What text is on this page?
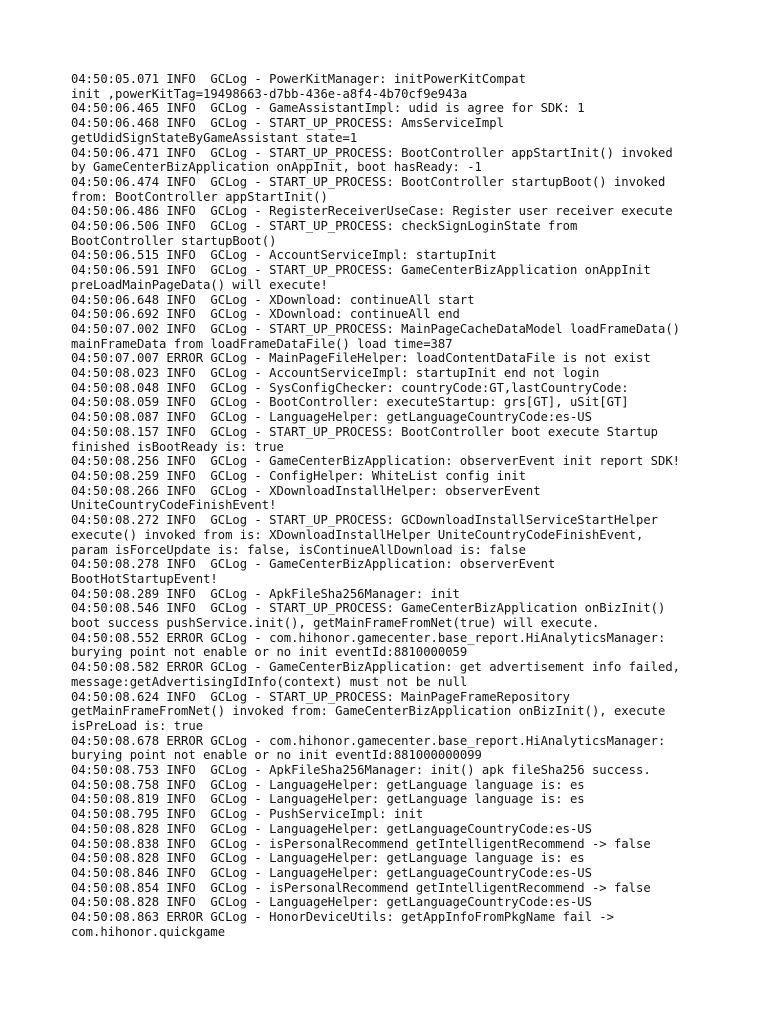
04:50:05.071 INFO  GCLog - PowerKitManager: initPowerKitCompat
init ,powerKitTag=19498663-d7bb-436e-a8f4-4b70cf9e943a
04:50:06.465 INFO  GCLog - GameAssistantImpl: udid is agree for SDK: 1
04:50:06.468 INFO  GCLog - START_UP_PROCESS: AmsServiceImpl
getUdidSignStateByGameAssistant state=1
04:50:06.471 INFO  GCLog - START_UP_PROCESS: BootController appStartInit() invoked
by GameCenterBizApplication onAppInit, boot hasReady: -1
04:50:06.474 INFO  GCLog - START_UP_PROCESS: BootController startupBoot() invoked
from: BootController appStartInit()
04:50:06.486 INFO  GCLog - RegisterReceiverUseCase: Register user receiver execute
04:50:06.506 INFO  GCLog - START_UP_PROCESS: checkSignLoginState from
BootController startupBoot()
04:50:06.515 INFO  GCLog - AccountServiceImpl: startupInit
04:50:06.591 INFO  GCLog - START_UP_PROCESS: GameCenterBizApplication onAppInit
preLoadMainPageData() will execute!
04:50:06.648 INFO  GCLog - XDownload: continueAll start
04:50:06.692 INFO  GCLog - XDownload: continueAll end
04:50:07.002 INFO  GCLog - START_UP_PROCESS: MainPageCacheDataModel loadFrameData()
mainFrameData from loadFrameDataFile() load time=387
04:50:07.007 ERROR GCLog - MainPageFileHelper: loadContentDataFile is not exist
04:50:08.023 INFO  GCLog - AccountServiceImpl: startupInit end not login
04:50:08.048 INFO  GCLog - SysConfigChecker: countryCode:GT,lastCountryCode:
04:50:08.059 INFO  GCLog - BootController: executeStartup: grs[GT], uSit[GT]
04:50:08.087 INFO  GCLog - LanguageHelper: getLanguageCountryCode:es-US
04:50:08.157 INFO  GCLog - START_UP_PROCESS: BootController boot execute Startup
finished isBootReady is: true
04:50:08.256 INFO  GCLog - GameCenterBizApplication: observerEvent init report SDK!
04:50:08.259 INFO  GCLog - ConfigHelper: WhiteList config init
04:50:08.266 INFO  GCLog - XDownloadInstallHelper: observerEvent
UniteCountryCodeFinishEvent!
04:50:08.272 INFO  GCLog - START_UP_PROCESS: GCDownloadInstallServiceStartHelper
execute() invoked from is: XDownloadInstallHelper UniteCountryCodeFinishEvent,
param isForceUpdate is: false, isContinueAllDownload is: false
04:50:08.278 INFO  GCLog - GameCenterBizApplication: observerEvent
BootHotStartupEvent!
04:50:08.289 INFO  GCLog - ApkFileSha256Manager: init
04:50:08.546 INFO  GCLog - START_UP_PROCESS: GameCenterBizApplication onBizInit()
boot success pushService.init(), getMainFrameFromNet(true) will execute.
04:50:08.552 ERROR GCLog - com.hihonor.gamecenter.base_report.HiAnalyticsManager:
burying point not enable or no init eventId:8810000059
04:50:08.582 ERROR GCLog - GameCenterBizApplication: get advertisement info failed,
message:getAdvertisingIdInfo(context) must not be null
04:50:08.624 INFO  GCLog - START_UP_PROCESS: MainPageFrameRepository
getMainFrameFromNet() invoked from: GameCenterBizApplication onBizInit(), execute
isPreLoad is: true
04:50:08.678 ERROR GCLog - com.hihonor.gamecenter.base_report.HiAnalyticsManager:
burying point not enable or no init eventId:881000000099
04:50:08.753 INFO  GCLog - ApkFileSha256Manager: init() apk fileSha256 success.
04:50:08.758 INFO  GCLog - LanguageHelper: getLanguage language is: es
04:50:08.819 INFO  GCLog - LanguageHelper: getLanguage language is: es
04:50:08.795 INFO  GCLog - PushServiceImpl: init
04:50:08.828 INFO  GCLog - LanguageHelper: getLanguageCountryCode:es-US
04:50:08.838 INFO  GCLog - isPersonalRecommend getIntelligentRecommend -> false
04:50:08.828 INFO  GCLog - LanguageHelper: getLanguage language is: es
04:50:08.846 INFO  GCLog - LanguageHelper: getLanguageCountryCode:es-US
04:50:08.854 INFO  GCLog - isPersonalRecommend getIntelligentRecommend -> false
04:50:08.828 INFO  GCLog - LanguageHelper: getLanguageCountryCode:es-US
04:50:08.863 ERROR GCLog - HonorDeviceUtils: getAppInfoFromPkgName fail ->
com.hihonor.quickgame
